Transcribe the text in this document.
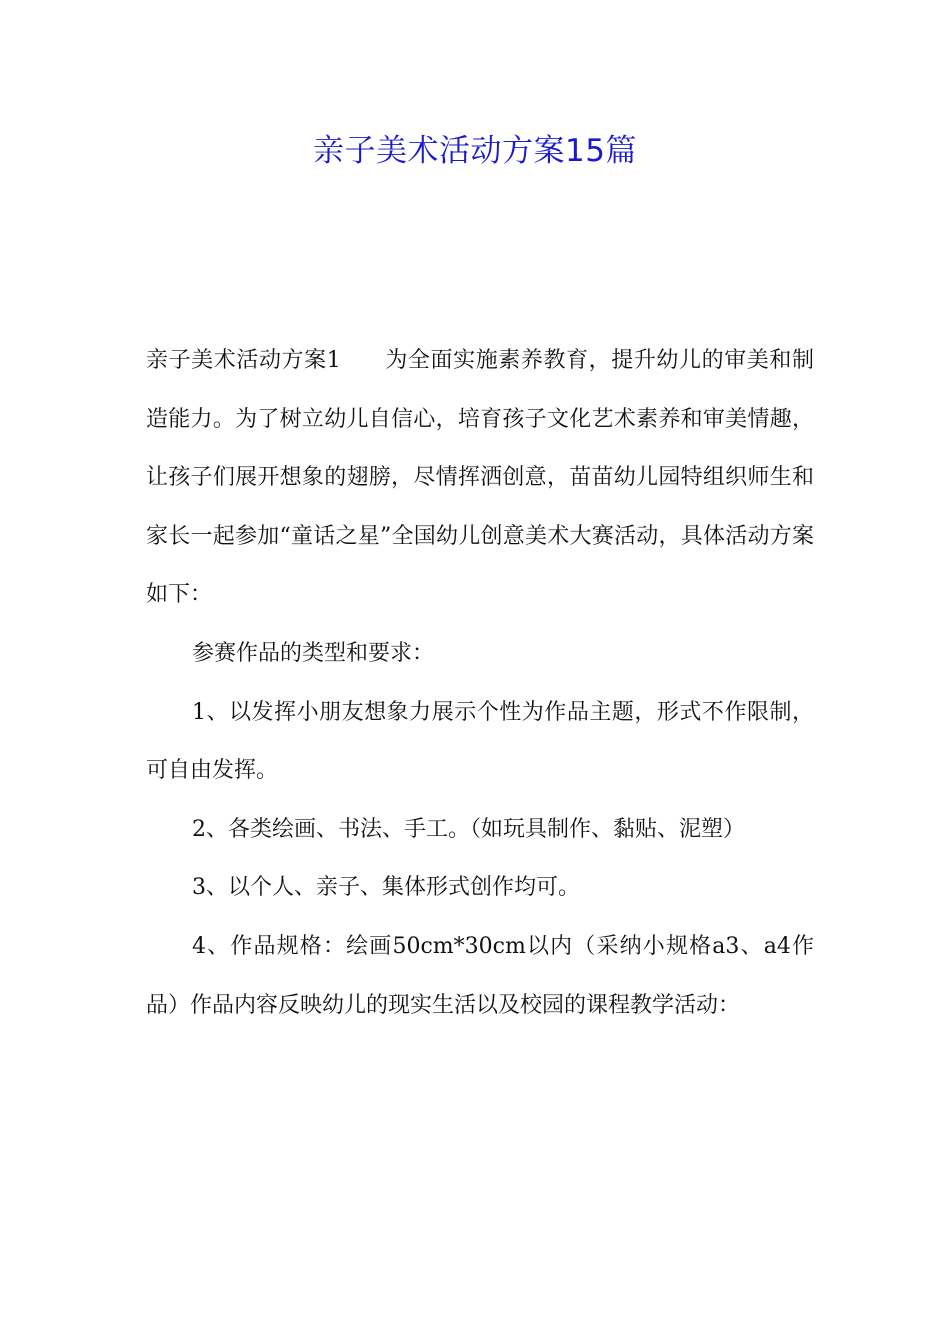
亲子美术活动方案15篇

亲子美术活动方案1 为全面实施素养教育，提升幼儿的审美和制造能力。为了树立幼儿自信心，培育孩子文化艺术素养和审美情趣，让孩子们展开想象的翅膀，尽情挥洒创意，苗苗幼儿园特组织师生和家长一起参加“童话之星”全国幼儿创意美术大赛活动，具体活动方案如下：

参赛作品的类型和要求：

1、以发挥小朋友想象力展示个性为作品主题，形式不作限制，可自由发挥。

2、各类绘画、书法、手工。（如玩具制作、黏贴、泥塑）

3、以个人、亲子、集体形式创作均可。

4、作品规格：绘画50cm*30cm以内（采纳小规格a3、a4作品）作品内容反映幼儿的现实生活以及校园的课程教学活动：
